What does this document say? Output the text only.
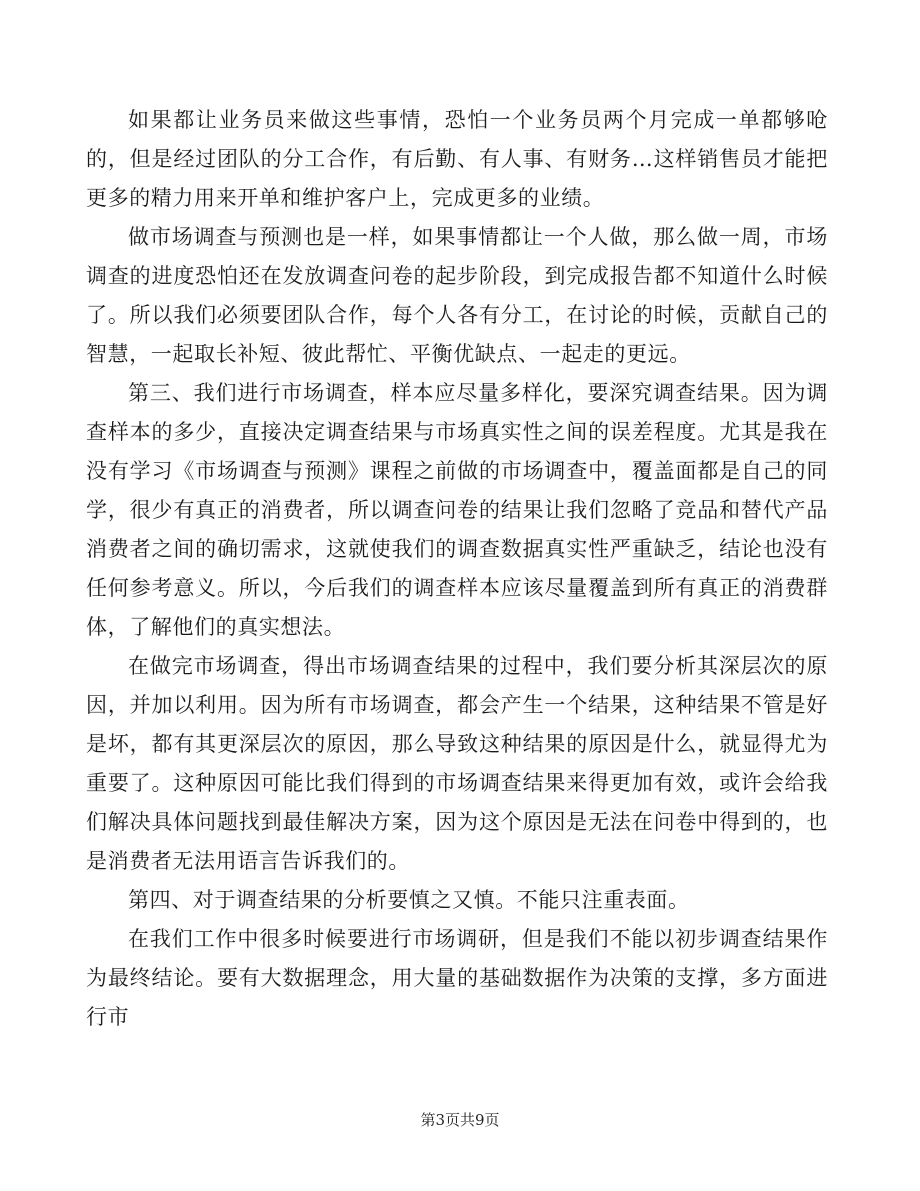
如果都让业务员来做这些事情，恐怕一个业务员两个月完成一单都够呛的，但是经过团队的分工合作，有后勤、有人事、有财务…这样销售员才能把更多的精力用来开单和维护客户上，完成更多的业绩。

做市场调查与预测也是一样，如果事情都让一个人做，那么做一周，市场调查的进度恐怕还在发放调查问卷的起步阶段，到完成报告都不知道什么时候了。所以我们必须要团队合作，每个人各有分工，在讨论的时候，贡献自己的智慧，一起取长补短、彼此帮忙、平衡优缺点、一起走的更远。

第三、我们进行市场调查，样本应尽量多样化，要深究调查结果。因为调查样本的多少，直接决定调查结果与市场真实性之间的误差程度。尤其是我在没有学习《市场调查与预测》课程之前做的市场调查中，覆盖面都是自己的同学，很少有真正的消费者，所以调查问卷的结果让我们忽略了竞品和替代产品消费者之间的确切需求，这就使我们的调查数据真实性严重缺乏，结论也没有任何参考意义。所以，今后我们的调查样本应该尽量覆盖到所有真正的消费群体，了解他们的真实想法。

在做完市场调查，得出市场调查结果的过程中，我们要分析其深层次的原因，并加以利用。因为所有市场调查，都会产生一个结果，这种结果不管是好是坏，都有其更深层次的原因，那么导致这种结果的原因是什么，就显得尤为重要了。这种原因可能比我们得到的市场调查结果来得更加有效，或许会给我们解决具体问题找到最佳解决方案，因为这个原因是无法在问卷中得到的，也是消费者无法用语言告诉我们的。

第四、对于调查结果的分析要慎之又慎。不能只注重表面。

在我们工作中很多时候要进行市场调研，但是我们不能以初步调查结果作为最终结论。要有大数据理念，用大量的基础数据作为决策的支撑，多方面进行市

第3页共9页
